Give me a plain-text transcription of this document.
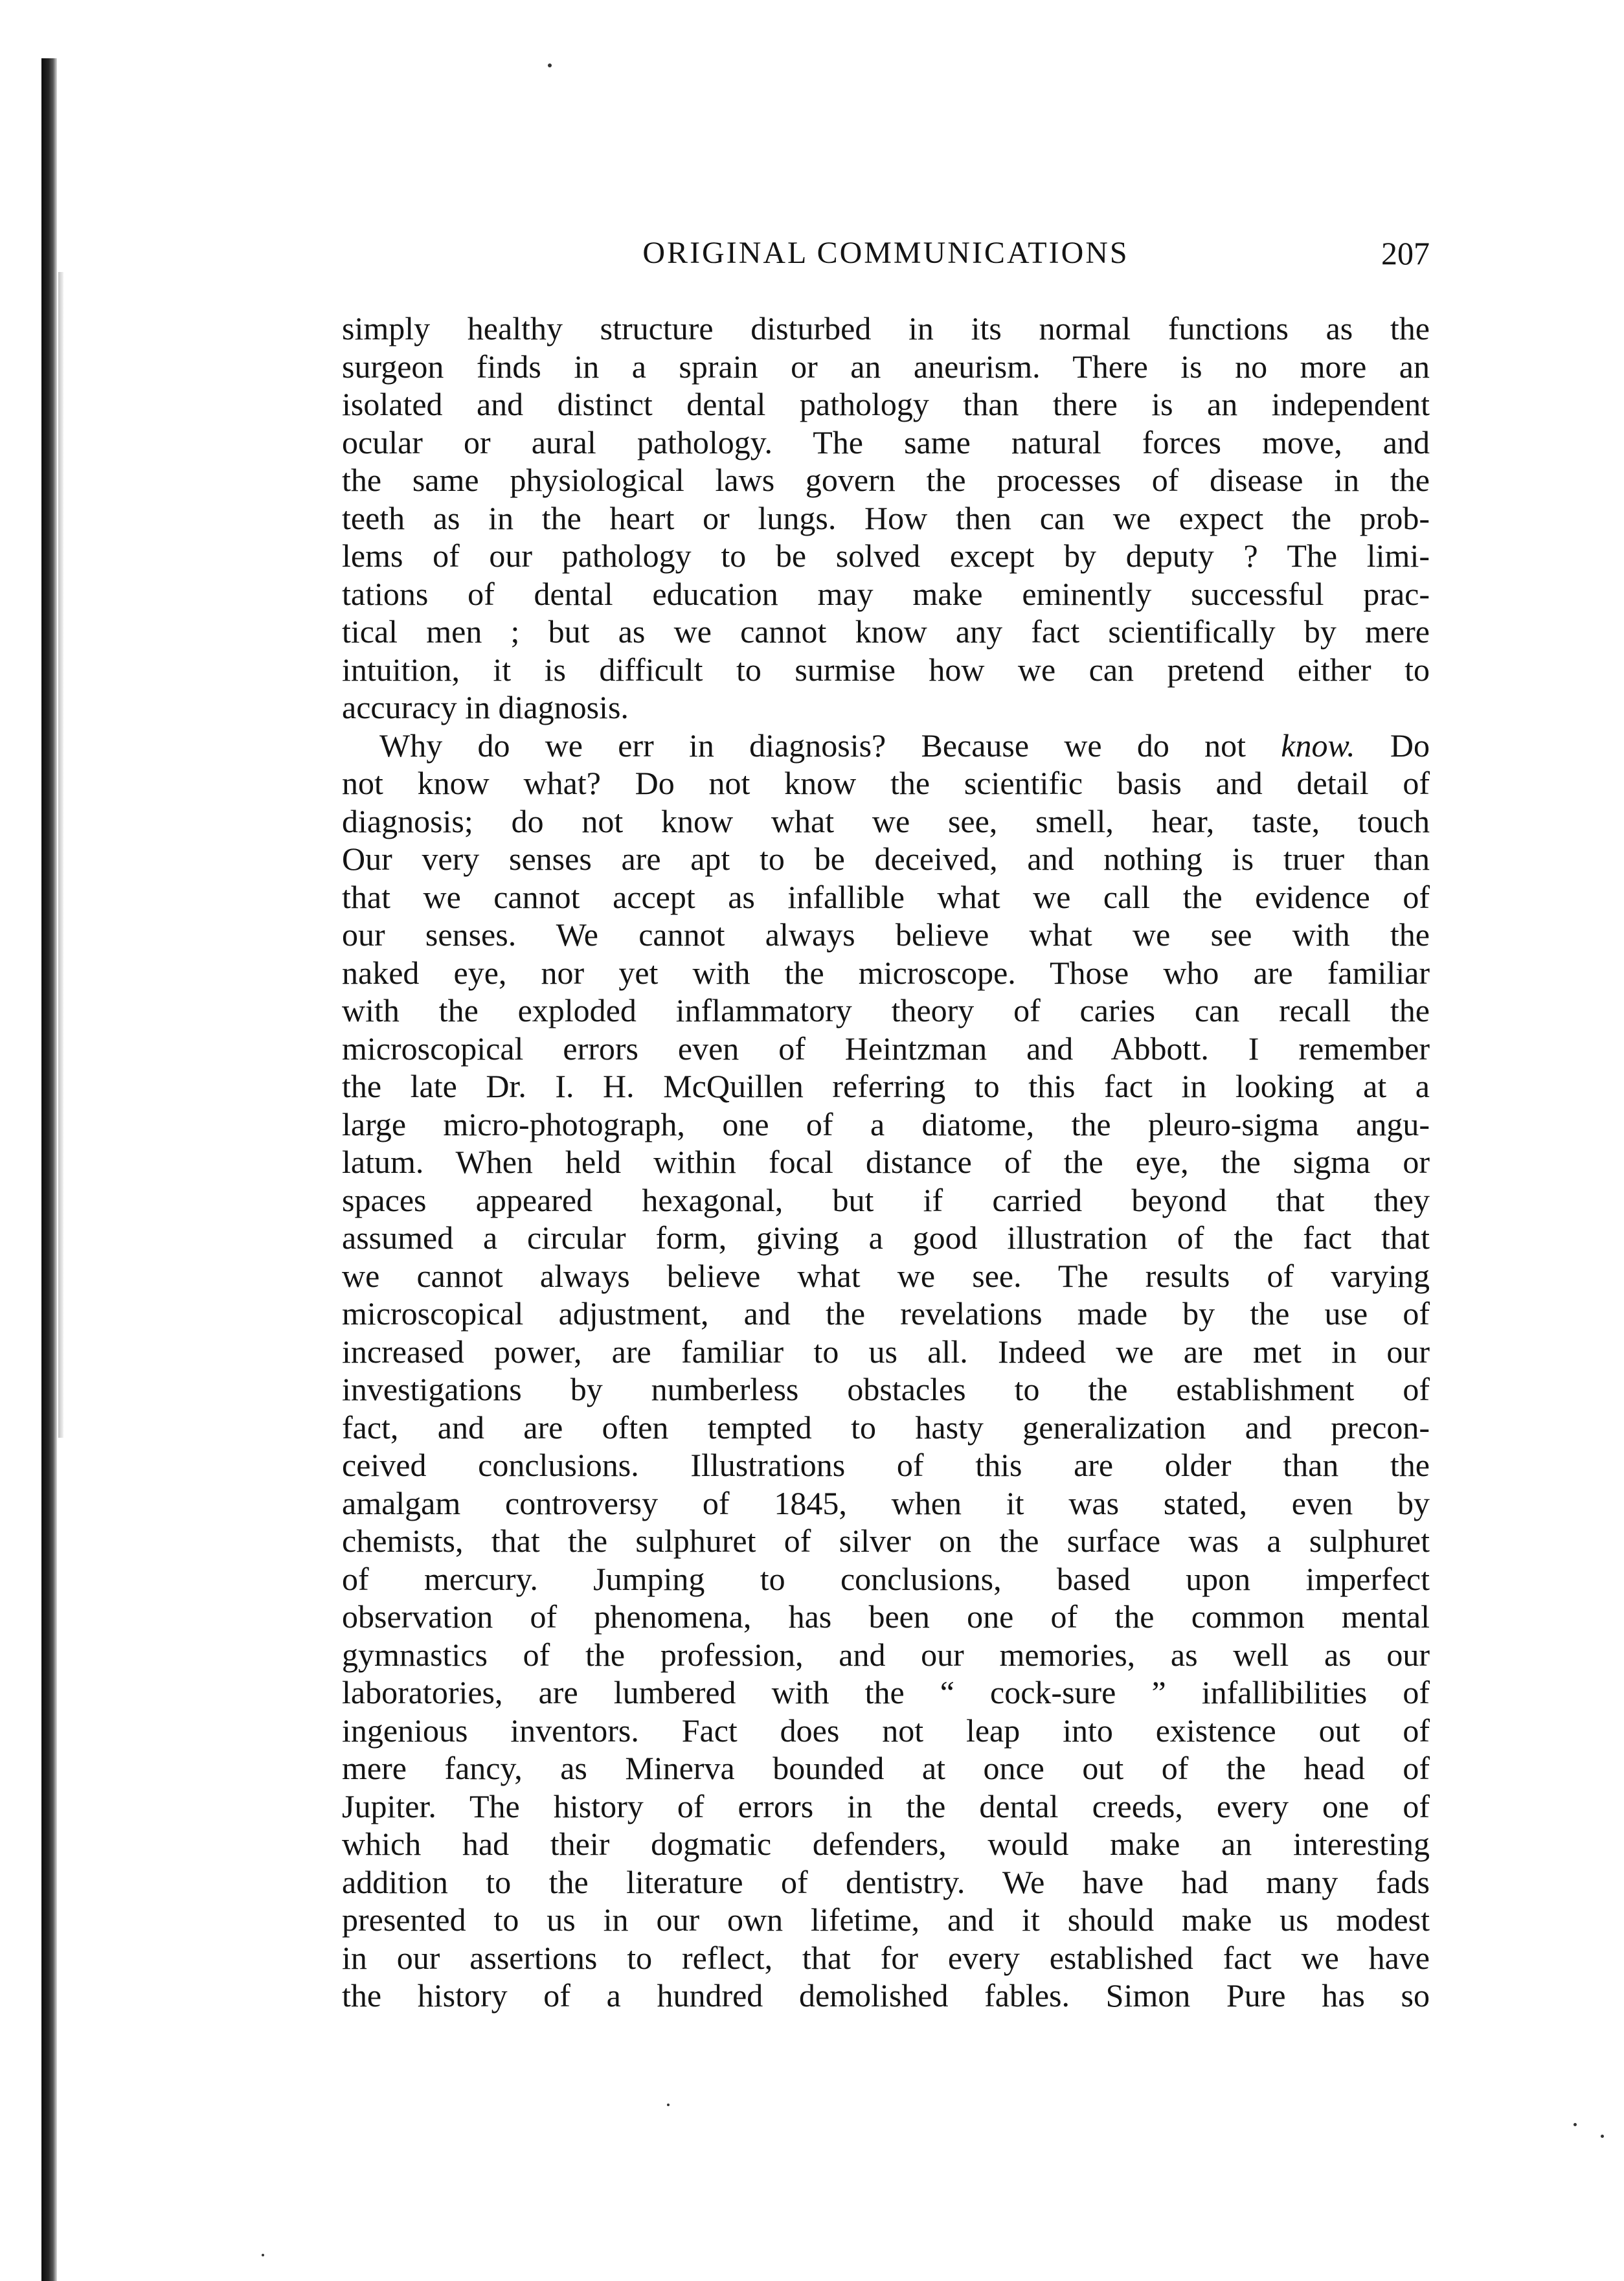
ORIGINAL COMMUNICATIONS	207
simply healthy structure disturbed in its normal functions as the
surgeon finds in a sprain or an aneurism. There is no more an
isolated and distinct dental pathology than there is an independent
ocular or aural pathology. The same natural forces move, and
the same physiological laws govern the processes of disease in the
teeth as in the heart or lungs. How then can we expect the prob-
lems of our pathology to be solved except by deputy ? The limi-
tations of dental education may make eminently successful prac-
tical men ; but as we cannot know any fact scientifically by mere
intuition, it is difficult to surmise how we can pretend either to
accuracy in diagnosis.
Why do we err in diagnosis? Because we do not know. Do
not know what? Do not know the scientific basis and detail of
diagnosis; do not know what we see, smell, hear, taste, touch
Our very senses are apt to be deceived, and nothing is truer than
that we cannot accept as infallible what we call the evidence of
our senses. We cannot always believe what we see with the
naked eye, nor yet with the microscope. Those who are familiar
with the exploded inflammatory theory of caries can recall the
microscopical errors even of Heintzman and Abbott. I remember
the late Dr. I. H. McQuillen referring to this fact in looking at a
large micro-photograph, one of a diatome, the pleuro-sigma angu-
latum. When held within focal distance of the eye, the sigma or
spaces appeared hexagonal, but if carried beyond that they
assumed a circular form, giving a good illustration of the fact that
we cannot always believe what we see. The results of varying
microscopical adjustment, and the revelations made by the use of
increased power, are familiar to us all. Indeed we are met in our
investigations by numberless obstacles to the establishment of
fact, and are often tempted to hasty generalization and precon-
ceived conclusions. Illustrations of this are older than the
amalgam controversy of 1845, when it was stated, even by
chemists, that the sulphuret of silver on the surface was a sulphuret
of mercury. Jumping to conclusions, based upon imperfect
observation of phenomena, has been one of the common mental
gymnastics of the profession, and our memories, as well as our
laboratories, are lumbered with the “ cock-sure ” infallibilities of
ingenious inventors. Fact does not leap into existence out of
mere fancy, as Minerva bounded at once out of the head of
Jupiter. The history of errors in the dental creeds, every one of
which had their dogmatic defenders, would make an interesting
addition to the literature of dentistry. We have had many fads
presented to us in our own lifetime, and it should make us modest
in our assertions to reflect, that for every established fact we have
the history of a hundred demolished fables. Simon Pure has so
